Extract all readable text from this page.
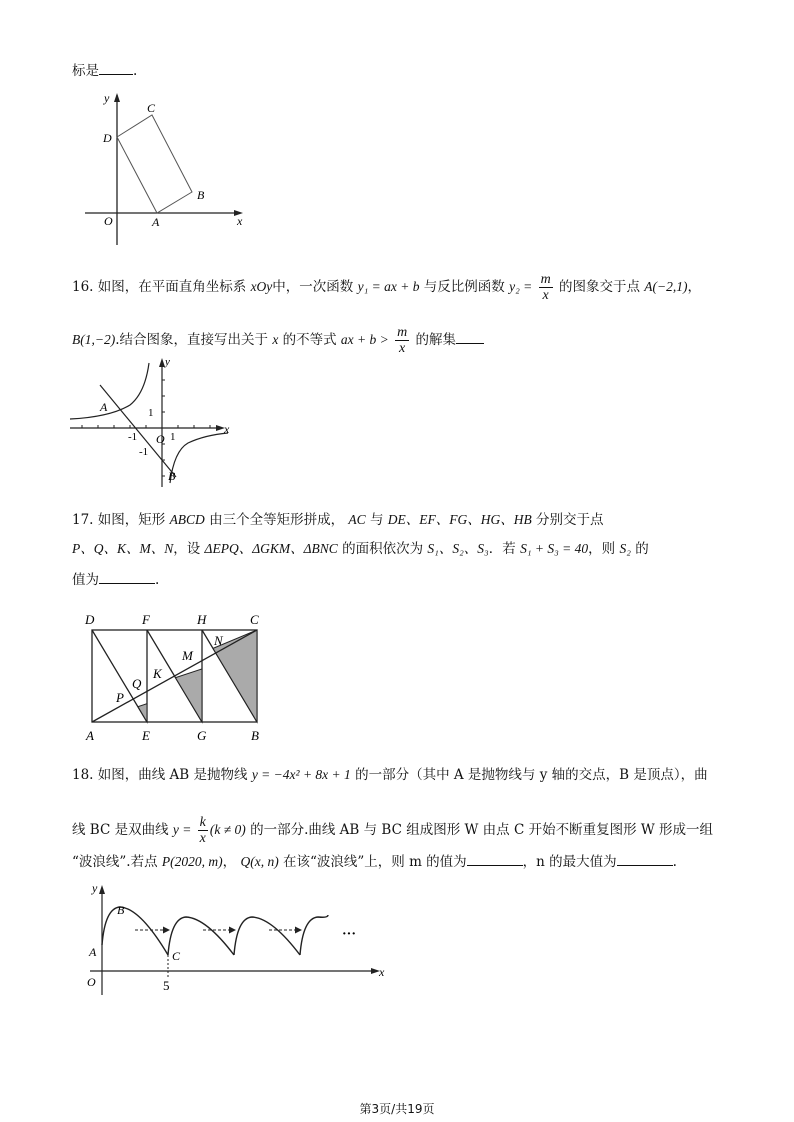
标是	.
y
x
O	A
B
C
D
16. 如图，在平面直角坐标系 xOy中，一次函数 y₁ = ax + b 与反比例函数 $y_2 = \frac{m}{x}$ 的图象交于点 A(−2,1)，
B(1,−2).结合图象，直接写出关于 x 的不等式 ax + $b > \frac{m}{x}$ 的解集
A
B
y
x
O
1
1
-1
-1
17. 如图，矩形 ABCD 由三个全等矩形拼成， AC 与 DE、EF、FG、HG、HB 分别交于点
P、Q、K、M、N，设 ΔEPQ、ΔGKM、ΔBNC 的面积依次为 S₁、S₂、S₃．若 S₁ + S₃ = 40，则 S₂ 的
值为	.
D	F	H	C
A	E	G	B
P
Q
K
M
N
18. 如图，曲线 AB 是抛物线 y = −4x² + 8x + 1 的一部分（其中 A 是抛物线与 y 轴的交点，B 是顶点），曲
线 BC 是双曲线 $y = \frac{k}{x} (k \ne 0)$ 的一部分.曲线 AB 与 BC 组成图形 W 由点 C 开始不断重复图形 W 形成一组
“波浪线”.若点 P(2020, m)， Q(x, n) 在该“波浪线”上，则 m 的值为	，n 的最大值为	.
···
y
x
O
A
B
C
5
第3页/共19页
